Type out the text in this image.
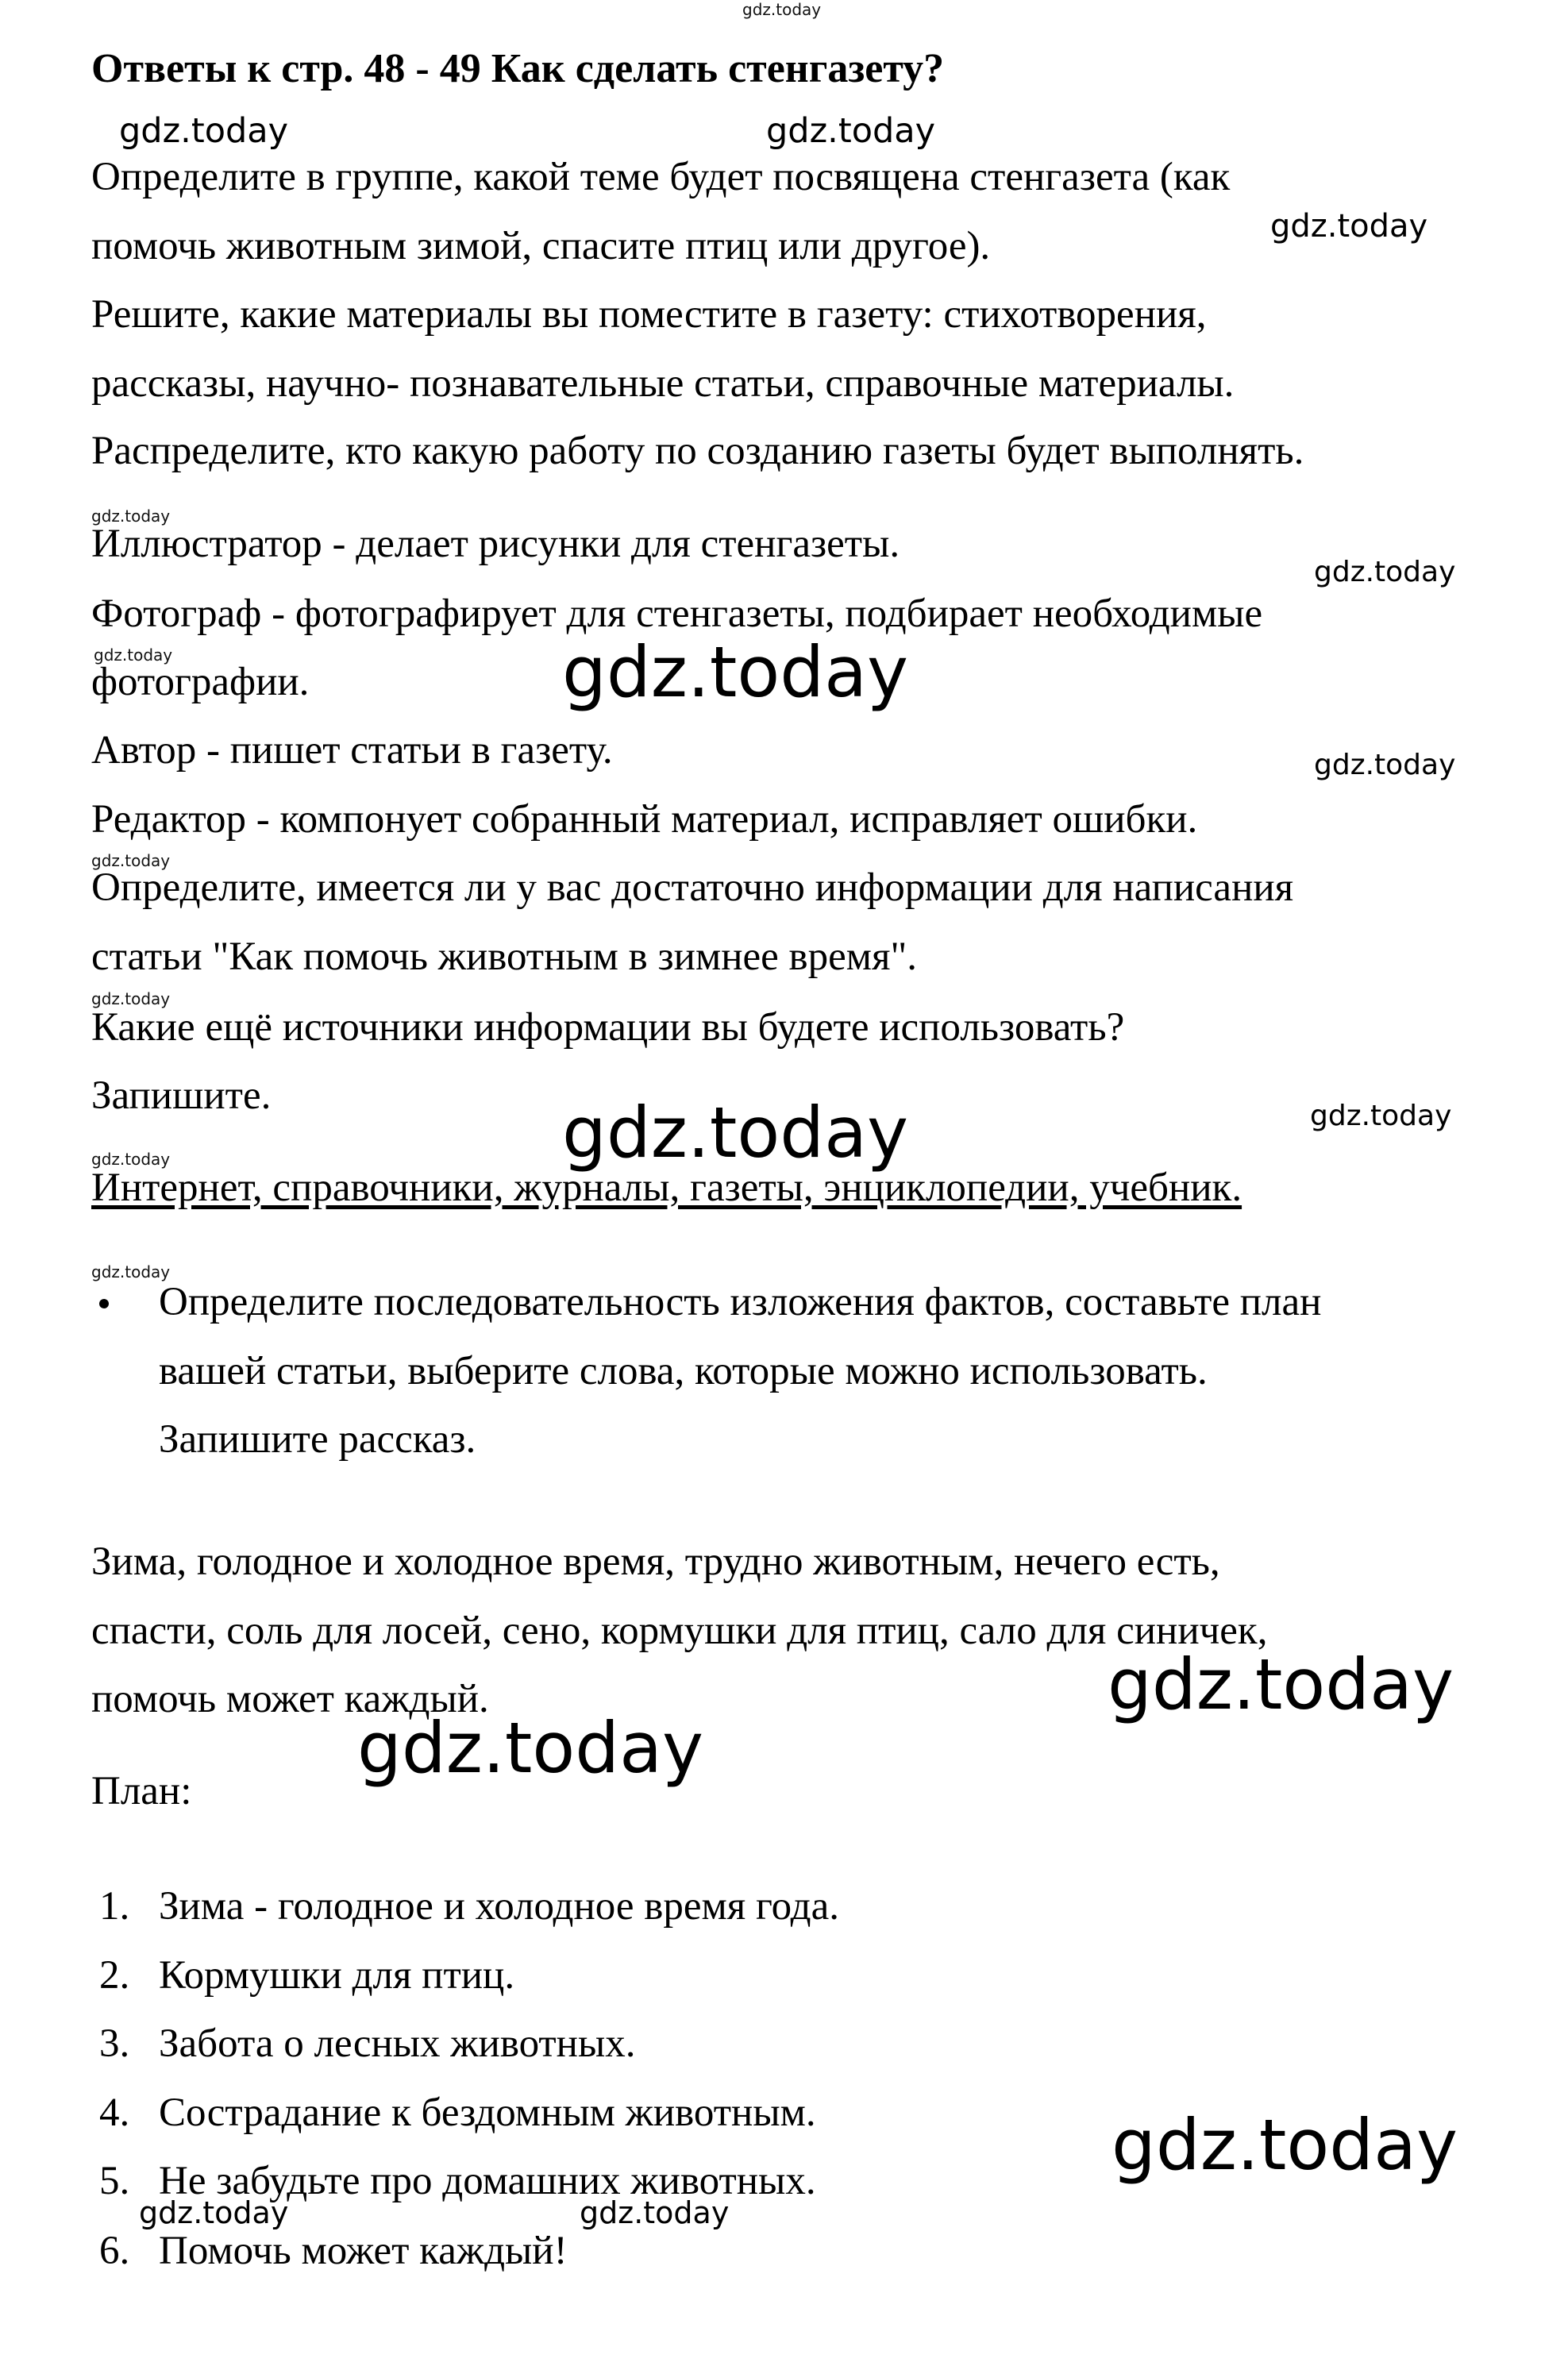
gdz.today
gdz.today	gdz.today
gdz.today
gdz.today
gdz.today
gdz.today	gdz.today
gdz.today
gdz.today
gdz.today
gdz.today	gdz.today
gdz.today
gdz.today
gdz.today
gdz.today
gdz.today
gdz.today	gdz.today
Ответы к стр. 48 - 49 Как сделать стенгазету?
Определите в группе, какой теме будет посвящена стенгазета (как
помочь животным зимой, спасите птиц или другое).
Решите, какие материалы вы поместите в газету: стихотворения,
рассказы, научно- познавательные статьи, справочные материалы.
Распределите, кто какую работу по созданию газеты будет выполнять.
Иллюстратор - делает рисунки для стенгазеты.
Фотограф - фотографирует для стенгазеты, подбирает необходимые
фотографии.
Автор - пишет статьи в газету.
Редактор - компонует собранный материал, исправляет ошибки.
Определите, имеется ли у вас достаточно информации для написания
статьи "Как помочь животным в зимнее время".
Какие ещё источники информации вы будете использовать?
Запишите.
Интернет, справочники, журналы, газеты, энциклопедии, учебник.
Определите последовательность изложения фактов, составьте план
вашей статьи, выберите слова, которые можно использовать.
Запишите рассказ.
Зима, голодное и холодное время, трудно животным, нечего есть,
спасти, соль для лосей, сено, кормушки для птиц, сало для синичек,
помочь может каждый.
План:
1. Зима - голодное и холодное время года.
2. Кормушки для птиц.
3. Забота о лесных животных.
4. Сострадание к бездомным животным.
5. Не забудьте про домашних животных.
6. Помочь может каждый!
